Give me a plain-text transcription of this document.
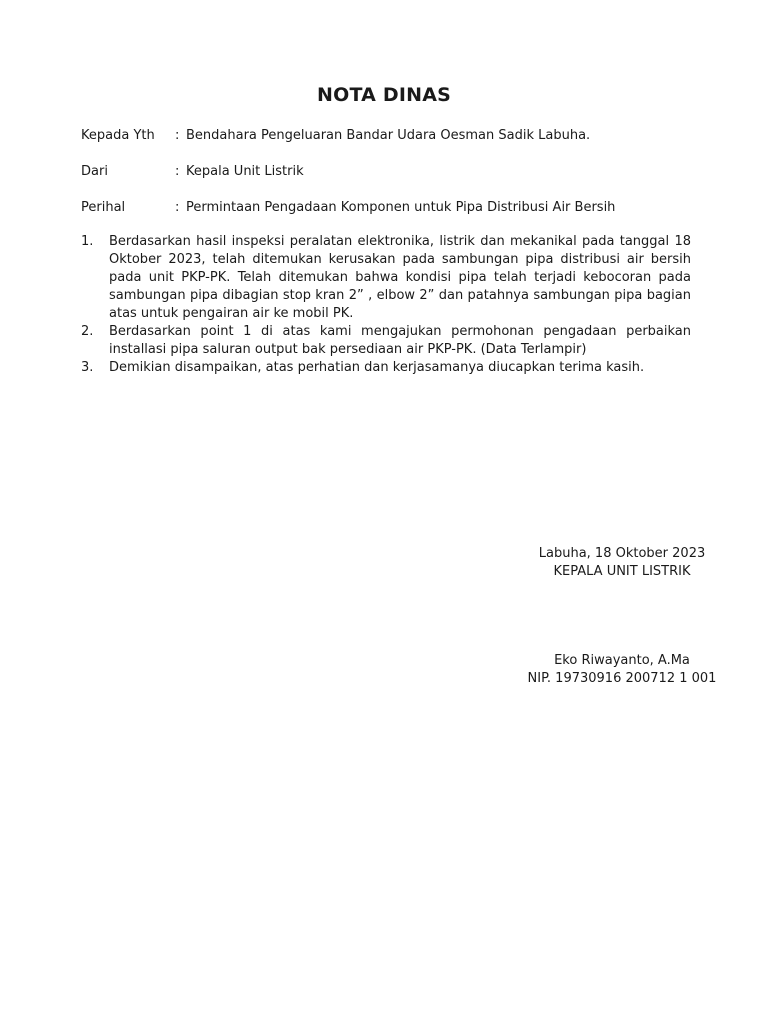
NOTA DINAS
Kepada Yth : Bendahara Pengeluaran Bandar Udara Oesman Sadik Labuha.
Dari	: Kepala Unit Listrik
Perihal	: Permintaan Pengadaan Komponen untuk Pipa Distribusi Air Bersih
1. Berdasarkan hasil inspeksi peralatan elektronika, listrik dan mekanikal pada tanggal 18 Oktober 2023, telah ditemukan kerusakan pada sambungan pipa distribusi air bersih pada unit PKP-PK. Telah ditemukan bahwa kondisi pipa telah terjadi kebocoran pada sambungan pipa dibagian stop kran 2” , elbow 2” dan patahnya sambungan pipa bagian atas untuk pengairan air ke mobil PK.
2. Berdasarkan point 1 di atas kami mengajukan permohonan pengadaan perbaikan installasi pipa saluran output bak persediaan air PKP-PK. (Data Terlampir)
3. Demikian disampaikan, atas perhatian dan kerjasamanya diucapkan terima kasih.
Labuha, 18 Oktober 2023
KEPALA UNIT LISTRIK
Eko Riwayanto, A.Ma
NIP. 19730916 200712 1 001
